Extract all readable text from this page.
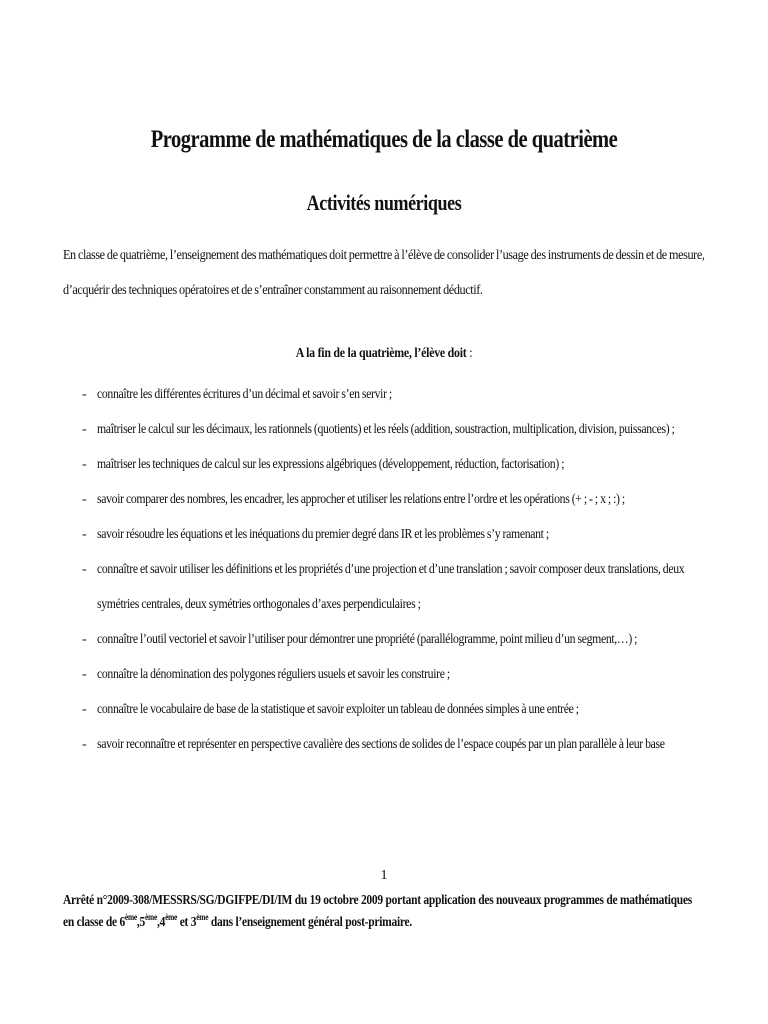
Programme de mathématiques de la classe de quatrième
Activités numériques
En classe de quatrième, l’enseignement des mathématiques doit permettre à l’élève de consolider l’usage des instruments de dessin et de mesure,
d’acquérir des techniques opératoires et de s’entraîner constamment au raisonnement déductif.
A la fin de la quatrième, l’élève doit :
- connaître les différentes écritures d’un décimal et savoir s’en servir ;
- maîtriser le calcul sur les décimaux, les rationnels (quotients) et les réels (addition, soustraction, multiplication, division, puissances) ;
- maîtriser les techniques de calcul sur les expressions algébriques (développement, réduction, factorisation) ;
- savoir comparer des nombres, les encadrer, les approcher et utiliser les relations entre l’ordre et les opérations (+ ; - ; x ; :) ;
- savoir résoudre les équations et les inéquations du premier degré dans IR et les problèmes s’y ramenant ;
- connaître et savoir utiliser les définitions et les propriétés d’une projection et d’une translation ; savoir composer deux translations, deux symétries centrales, deux symétries orthogonales d’axes perpendiculaires ;
- connaître l’outil vectoriel et savoir l’utiliser pour démontrer une propriété (parallélogramme, point milieu d’un segment,…) ;
- connaître la dénomination des polygones réguliers usuels et savoir les construire ;
- connaître le vocabulaire de base de la statistique et savoir exploiter un tableau de données simples à une entrée ;
- savoir reconnaître et représenter en perspective cavalière des sections de solides de l’espace coupés par un plan parallèle à leur base
1
Arrêté n°2009-308/MESSRS/SG/DGIFPE/DI/IM du 19 octobre 2009 portant application des nouveaux programmes de mathématiques
en classe de 6ème,5ème,4ème et 3ème dans l’enseignement général post-primaire.
